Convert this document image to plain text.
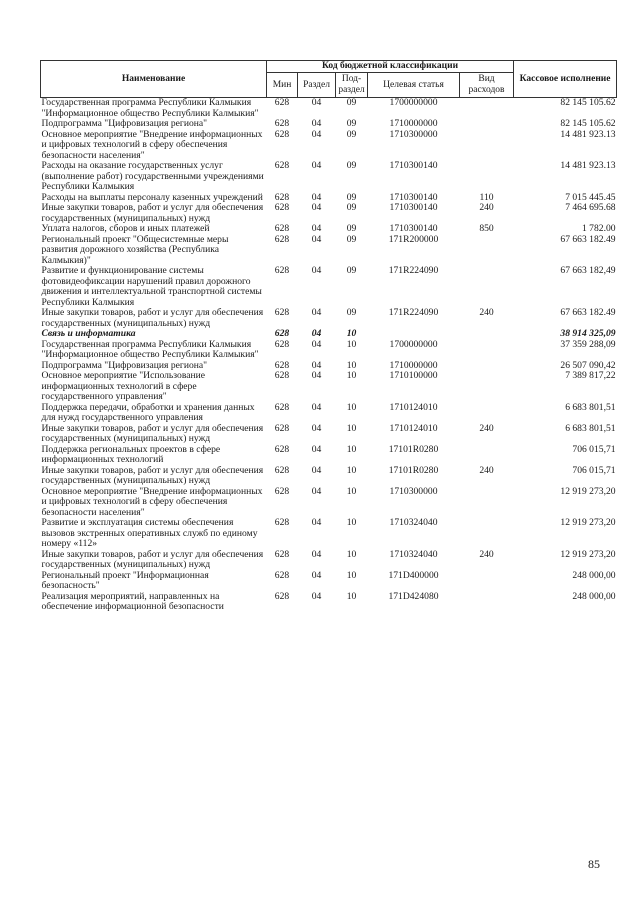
Наименование	Код бюджетной классификации					Кассовое исполнение
	Мин	Раздел	Под-раздел	Целевая статья	Вид расходов	
Государственная программа Республики Калмыкия "Информационное общество Республики Калмыкия"	628	04	09	1700000000		82 145 105.62
Подпрограмма "Цифровизация региона"	628	04	09	1710000000		82 145 105.62
Основное мероприятие "Внедрение информационных и цифровых технологий в сферу обеспечения безопасности населения"	628	04	09	1710300000		14 481 923.13
Расходы на оказание государственных услуг (выполнение работ) государственными учреждениями Республики Калмыкия	628	04	09	1710300140		14 481 923.13
Расходы на выплаты персоналу казенных учреждений	628	04	09	1710300140	110	7 015 445.45
Иные закупки товаров, работ и услуг для обеспечения государственных (муниципальных) нужд	628	04	09	1710300140	240	7 464 695.68
Уплата налогов, сборов и иных платежей	628	04	09	1710300140	850	1 782.00
Региональный проект "Общесистемные меры развития дорожного хозяйства (Республика Калмыкия)"	628	04	09	171R200000		67 663 182.49
Развитие и функционирование системы фотовидеофиксации нарушений правил дорожного движения и интеллектуальной транспортной системы Республики Калмыкия	628	04	09	171R224090		67 663 182,49
Иные закупки товаров, работ и услуг для обеспечения государственных (муниципальных) нужд	628	04	09	171R224090	240	67 663 182.49
Связь и информатика	628	04	10			38 914 325,09
Государственная программа Республики Калмыкия "Информационное общество Республики Калмыкия"	628	04	10	1700000000		37 359 288,09
Подпрограмма "Цифровизация региона"	628	04	10	1710000000		26 507 090,42
Основное мероприятие "Использование информационных технологий в сфере государственного управления"	628	04	10	1710100000		7 389 817,22
Поддержка передачи, обработки и хранения данных для нужд государственного управления	628	04	10	1710124010		6 683 801,51
Иные закупки товаров, работ и услуг для обеспечения государственных (муниципальных) нужд	628	04	10	1710124010	240	6 683 801,51
Поддержка региональных проектов в сфере информационных технологий	628	04	10	17101R0280		706 015,71
Иные закупки товаров, работ и услуг для обеспечения государственных (муниципальных) нужд	628	04	10	17101R0280	240	706 015,71
Основное мероприятие "Внедрение информационных и цифровых технологий в сферу обеспечения безопасности населения"	628	04	10	1710300000		12 919 273,20
Развитие и эксплуатация системы обеспечения вызовов экстренных оперативных служб по единому номеру «112»	628	04	10	1710324040		12 919 273,20
Иные закупки товаров, работ и услуг для обеспечения государственных (муниципальных) нужд	628	04	10	1710324040	240	12 919 273,20
Региональный проект "Информационная безопасность"	628	04	10	171D400000		248 000,00
Реализация мероприятий, направленных на обеспечение информационной безопасности	628	04	10	171D424080		248 000,00
85
